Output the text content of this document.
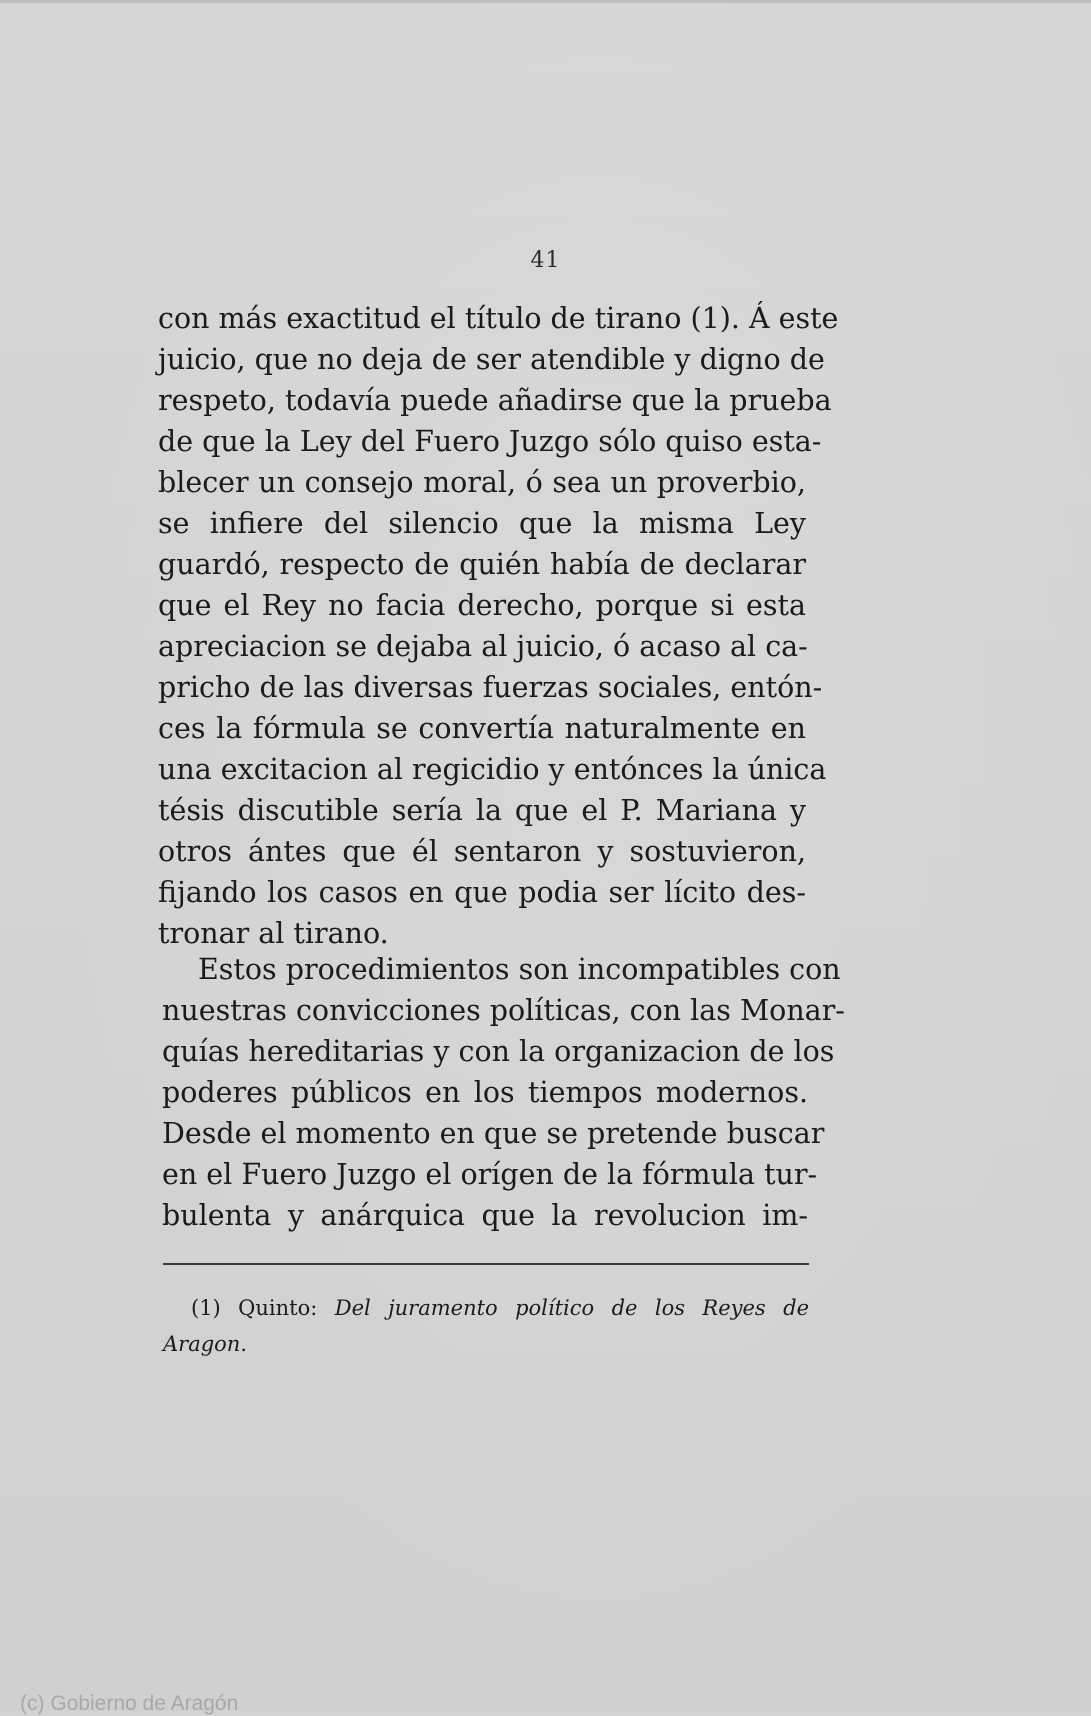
41
con más exactitud el título de tirano (1). Á este
juicio, que no deja de ser atendible y digno de
respeto, todavía puede añadirse que la prueba
de que la Ley del Fuero Juzgo sólo quiso esta-
blecer un consejo moral, ó sea un proverbio,
se infiere del silencio que la misma Ley
guardó, respecto de quién había de declarar
que el Rey no facia derecho, porque si esta
apreciacion se dejaba al juicio, ó acaso al ca-
pricho de las diversas fuerzas sociales, entón-
ces la fórmula se convertía naturalmente en
una excitacion al regicidio y entónces la única
tésis discutible sería la que el P. Mariana y
otros ántes que él sentaron y sostuvieron,
fijando los casos en que podia ser lícito des-
tronar al tirano.
Estos procedimientos son incompatibles con
nuestras convicciones políticas, con las Monar-
quías hereditarias y con la organizacion de los
poderes públicos en los tiempos modernos.
Desde el momento en que se pretende buscar
en el Fuero Juzgo el orígen de la fórmula tur-
bulenta y anárquica que la revolucion im-
(1) Quinto: Del juramento político de los Reyes de
Aragon.
(c) Gobierno de Aragón
